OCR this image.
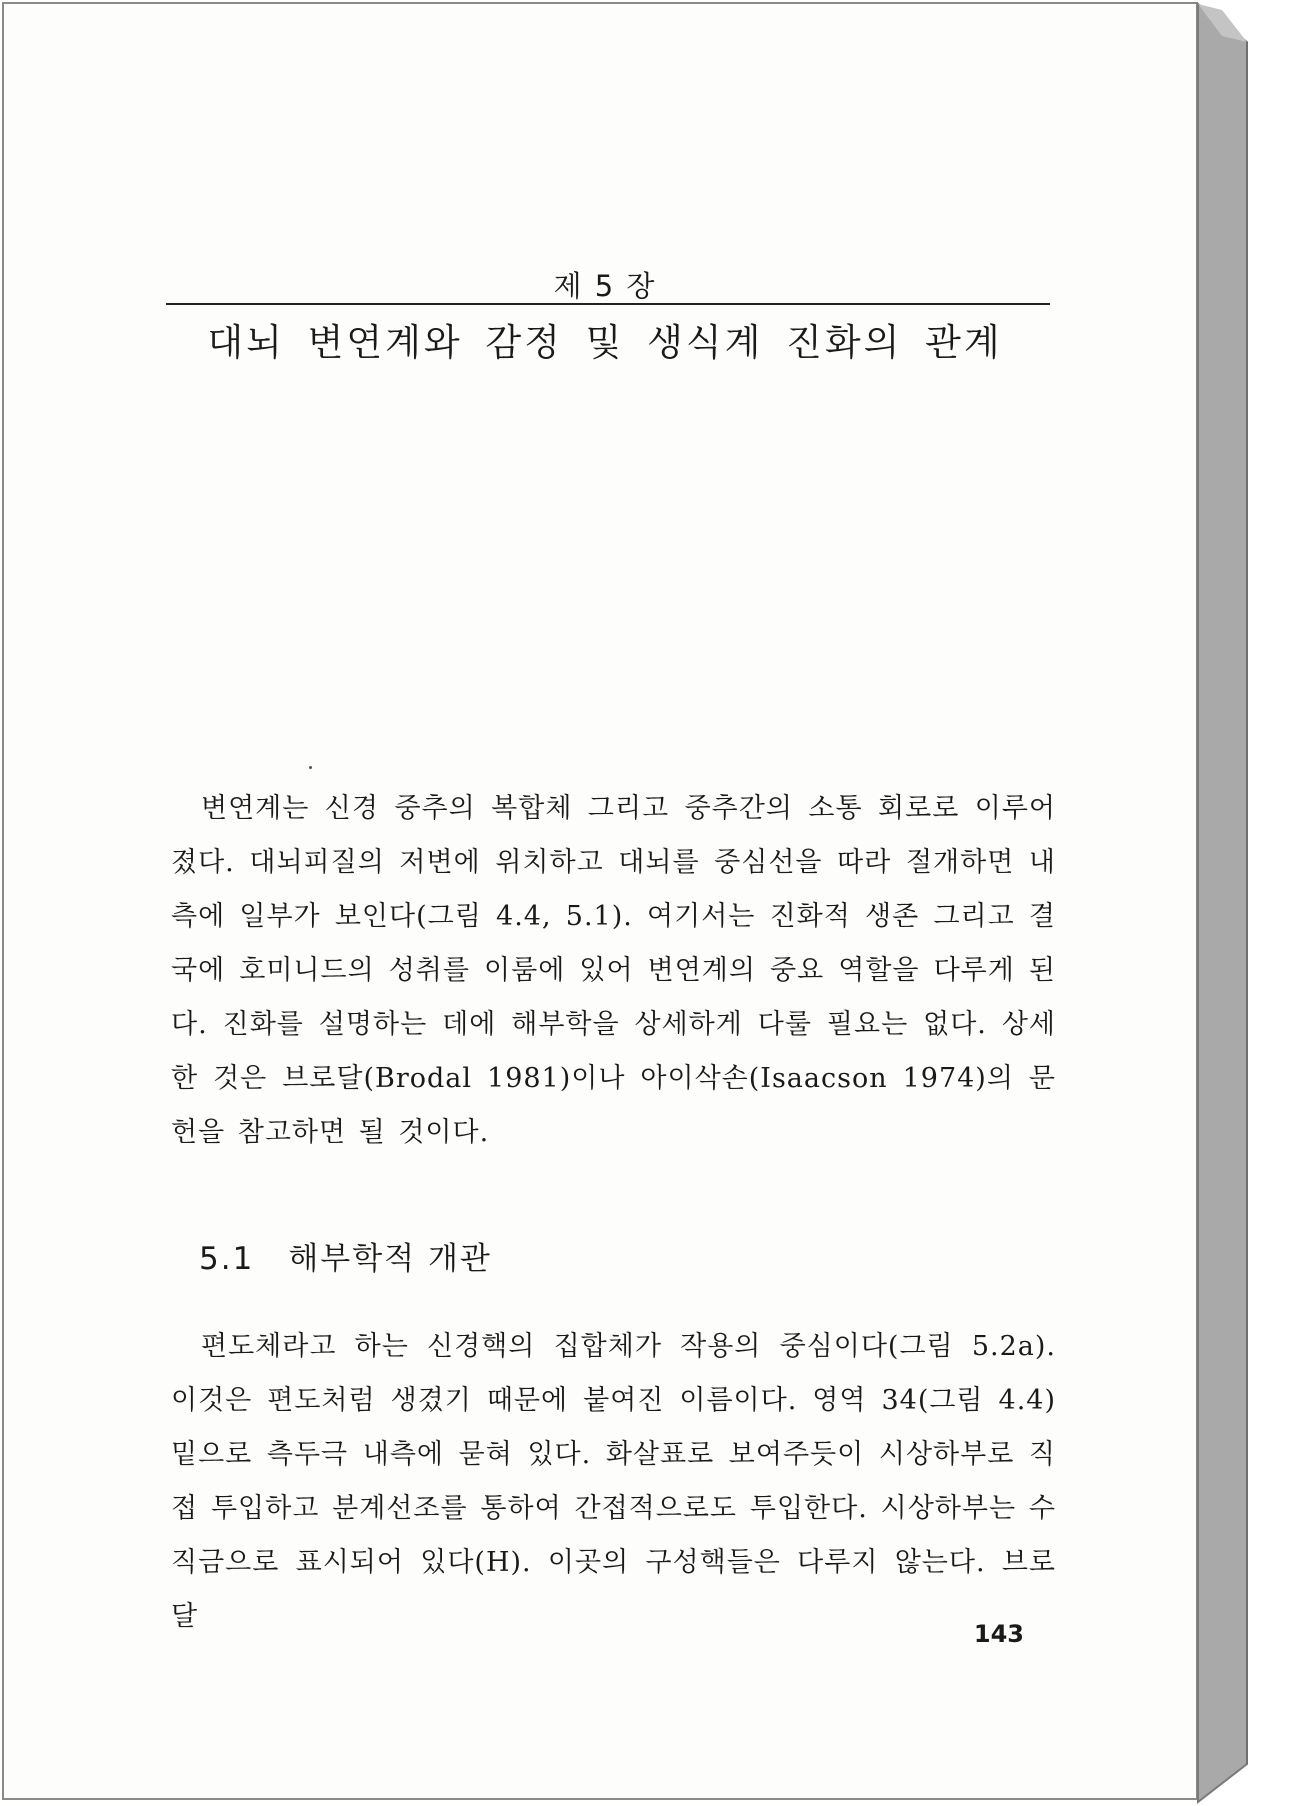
제 5 장
대뇌 변연계와 감정 및 생식계 진화의 관계

변연계는 신경 중추의 복합체 그리고 중추간의 소통 회로로 이루어졌다. 대뇌피질의 저변에 위치하고 대뇌를 중심선을 따라 절개하면 내측에 일부가 보인다(그림 4.4, 5.1). 여기서는 진화적 생존 그리고 결국에 호미니드의 성취를 이룸에 있어 변연계의 중요 역할을 다루게 된다. 진화를 설명하는 데에 해부학을 상세하게 다룰 필요는 없다. 상세한 것은 브로달(Brodal 1981)이나 아이삭손(Isaacson 1974)의 문헌을 참고하면 될 것이다.

5.1 해부학적 개관

편도체라고 하는 신경핵의 집합체가 작용의 중심이다(그림 5.2a). 이것은 편도처럼 생겼기 때문에 붙여진 이름이다. 영역 34(그림 4.4) 밑으로 측두극 내측에 묻혀 있다. 화살표로 보여주듯이 시상하부로 직접 투입하고 분계선조를 통하여 간접적으로도 투입한다. 시상하부는 수직금으로 표시되어 있다(H). 이곳의 구성핵들은 다루지 않는다. 브로달

143
